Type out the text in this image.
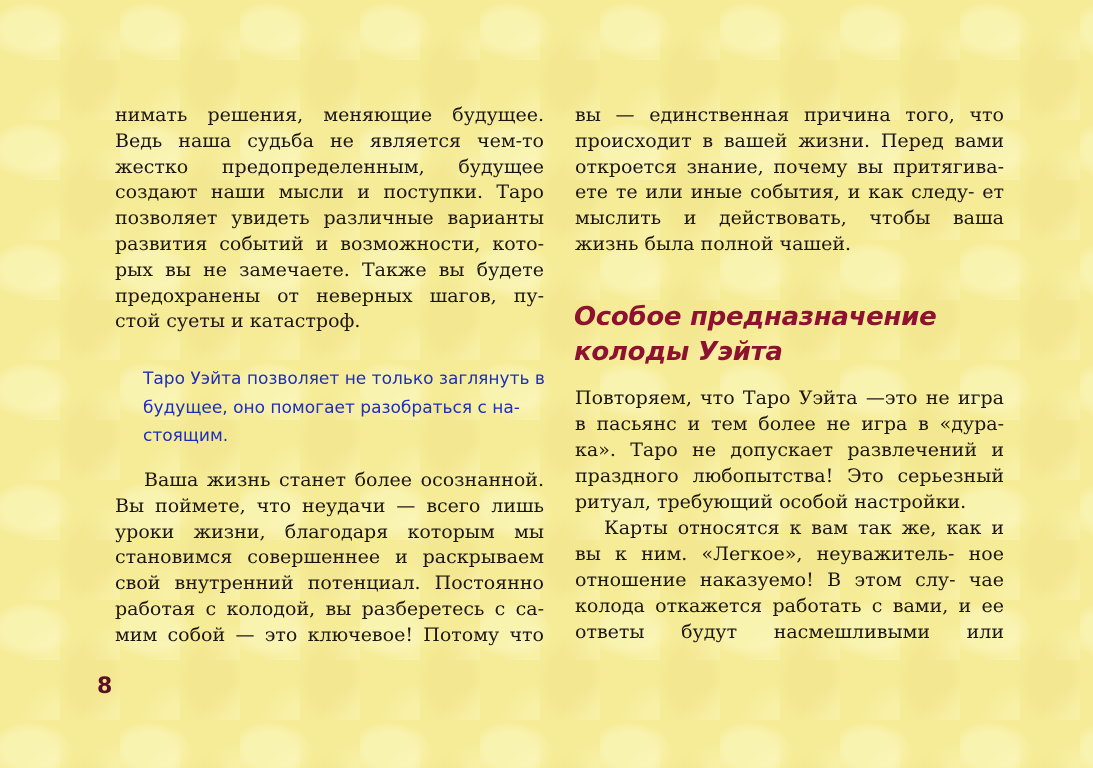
нимать решения, меняющие будущее. Ведь наша судьба не является чем-то жестко предопределенным, будущее создают наши мысли и поступки. Таро позволяет увидеть различные варианты развития событий и возможности, кото- рых вы не замечаете. Также вы будете предохранены от неверных шагов, пу- стой суеты и катастроф.

Таро Уэйта позволяет не только заглянуть в будущее, оно помогает разобраться с на- стоящим.

Ваша жизнь станет более осознанной. Вы поймете, что неудачи — всего лишь уроки жизни, благодаря которым мы становимся совершеннее и раскрываем свой внутренний потенциал. Постоянно работая с колодой, вы разберетесь с са- мим собой — это ключевое! Потому что

вы — единственная причина того, что происходит в вашей жизни. Перед вами откроется знание, почему вы притягива- ете те или иные события, и как следу- ет мыслить и действовать, чтобы ваша жизнь была полной чашей.

Особое предназначение
колоды Уэйта

Повторяем, что Таро Уэйта —это не игра в пасьянс и тем более не игра в «дура- ка». Таро не допускает развлечений и праздного любопытства! Это серьезный ритуал, требующий особой настройки.

Карты относятся к вам так же, как и вы к ним. «Легкое», неуважитель- ное отношение наказуемо! В этом слу- чае колода откажется работать с вами, и ее ответы будут насмешливыми или

8
